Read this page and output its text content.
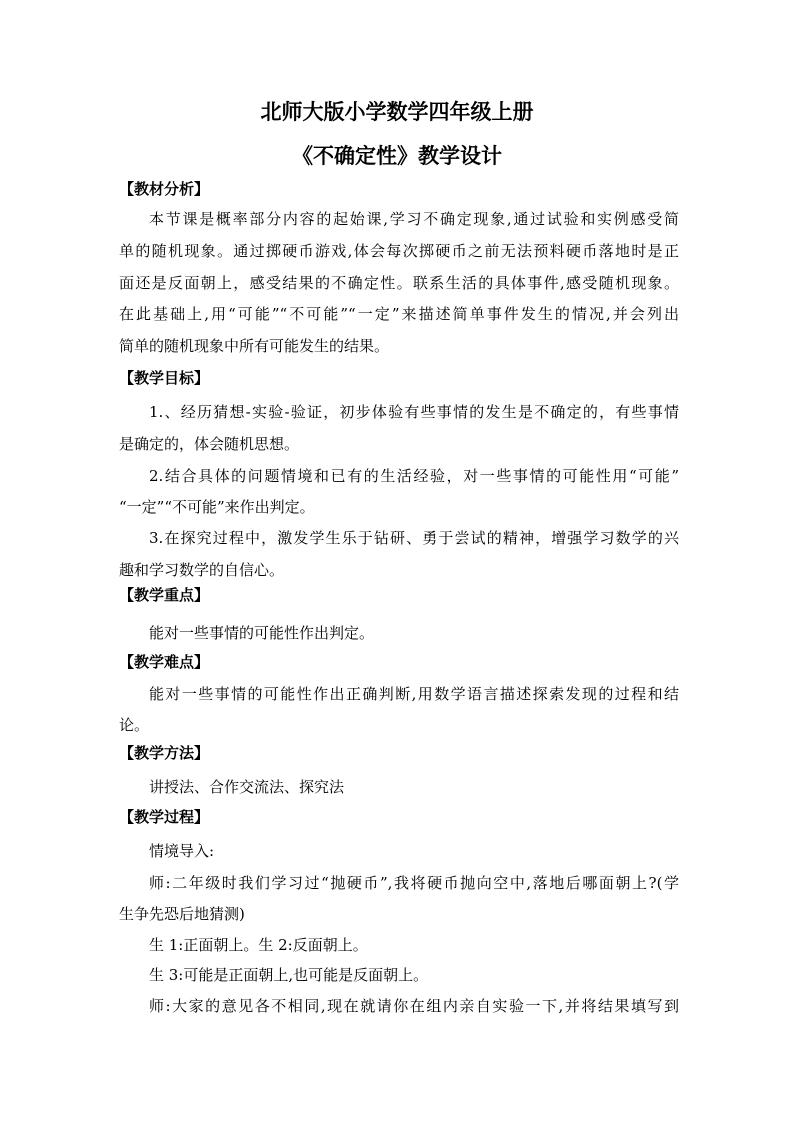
北师大版小学数学四年级上册
《不确定性》教学设计
【教材分析】
本节课是概率部分内容的起始课,学习不确定现象,通过试验和实例感受简
单的随机现象。通过掷硬币游戏,体会每次掷硬币之前无法预料硬币落地时是正
面还是反面朝上，感受结果的不确定性。联系生活的具体事件,感受随机现象。
在此基础上,用“可能”“不可能”“一定”来描述简单事件发生的情况,并会列出
简单的随机现象中所有可能发生的结果。
【教学目标】
1.、经历猜想-实验-验证，初步体验有些事情的发生是不确定的，有些事情
是确定的，体会随机思想。
2.结合具体的问题情境和已有的生活经验，对一些事情的可能性用“可能”
“一定”“不可能”来作出判定。
3.在探究过程中，激发学生乐于钻研、勇于尝试的精神，增强学习数学的兴
趣和学习数学的自信心。
【教学重点】
能对一些事情的可能性作出判定。
【教学难点】
能对一些事情的可能性作出正确判断,用数学语言描述探索发现的过程和结
论。
【教学方法】
讲授法、合作交流法、探究法
【教学过程】
情境导入:
师:二年级时我们学习过“抛硬币”,我将硬币抛向空中,落地后哪面朝上?(学
生争先恐后地猜测)
生 1:正面朝上。生 2:反面朝上。
生 3:可能是正面朝上,也可能是反面朝上。
师:大家的意见各不相同,现在就请你在组内亲自实验一下,并将结果填写到
